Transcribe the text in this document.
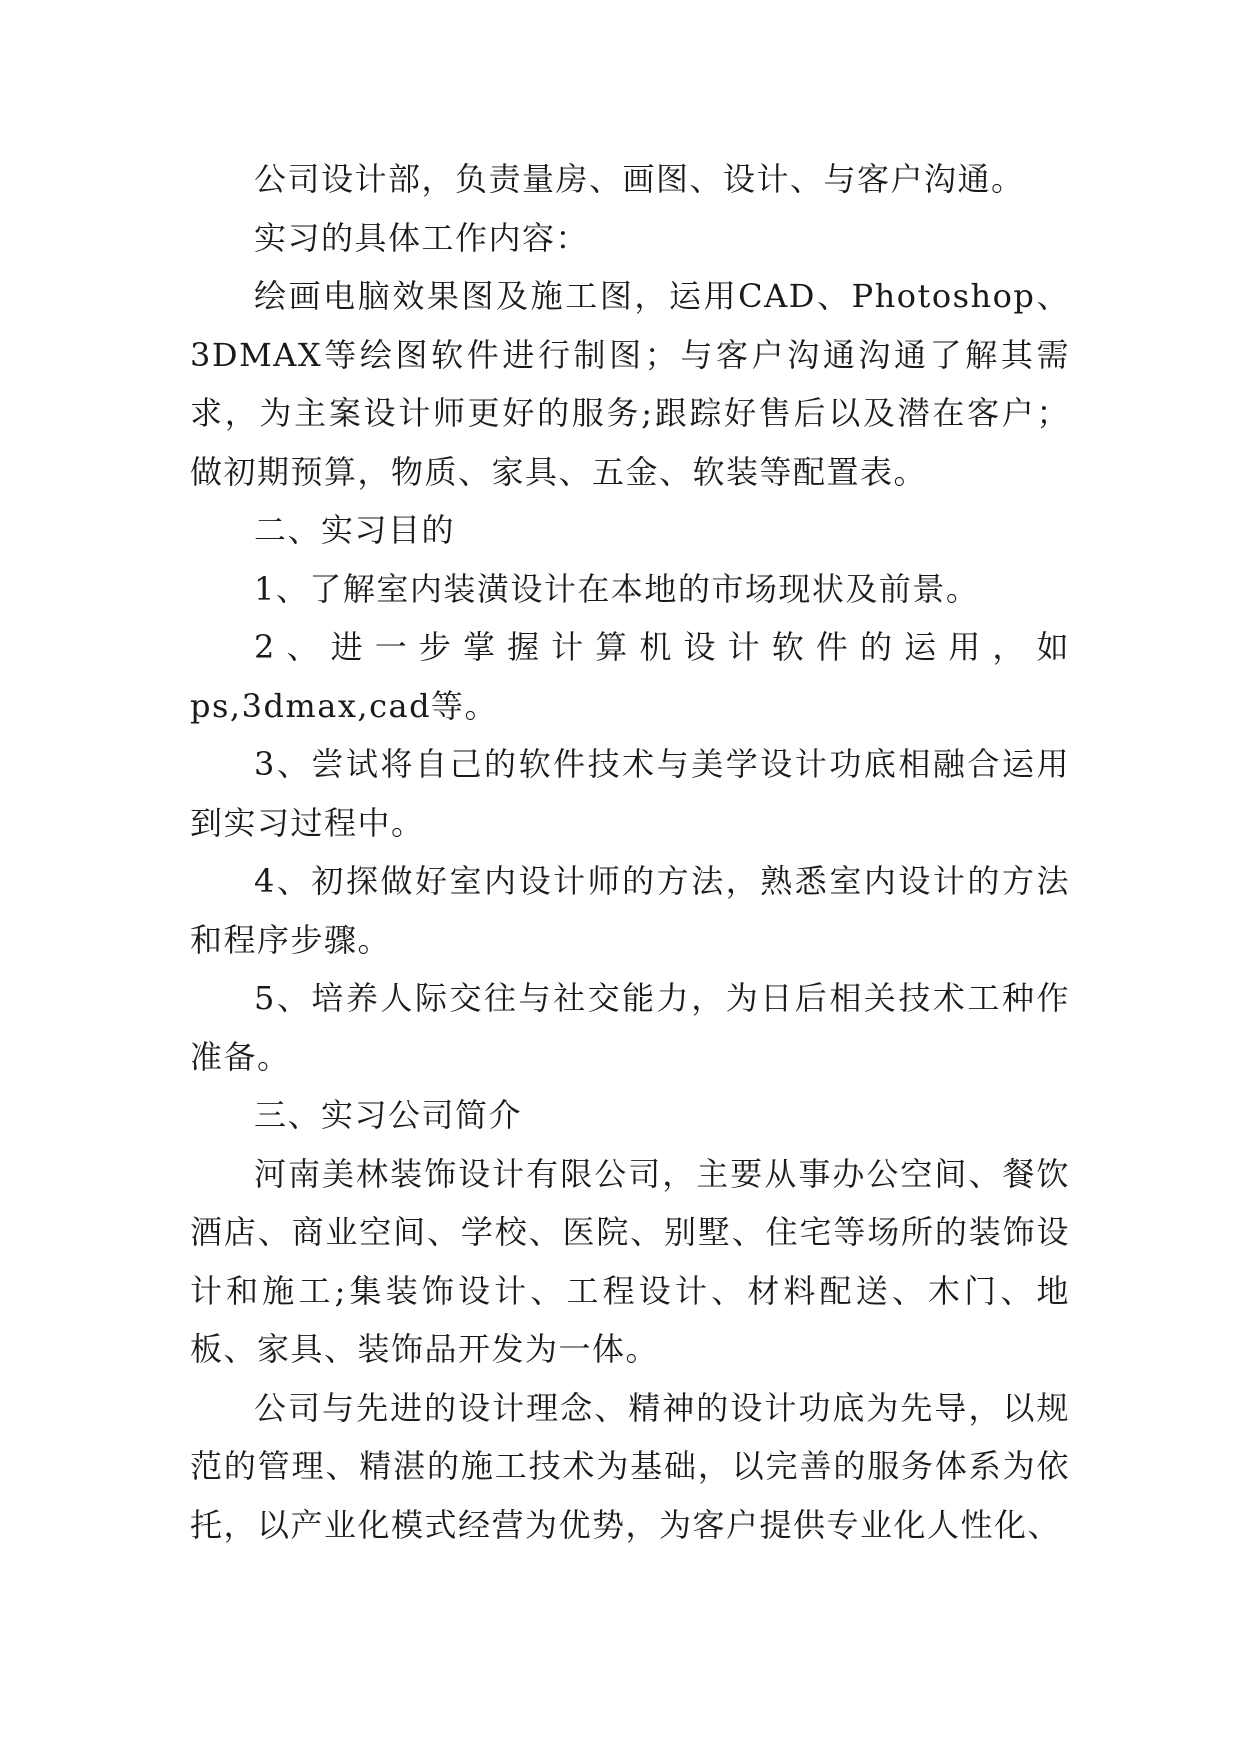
公司设计部，负责量房、画图、设计、与客户沟通。

实习的具体工作内容：

绘画电脑效果图及施工图，运用CAD、Photoshop、3DMAX等绘图软件进行制图；与客户沟通沟通了解其需求，为主案设计师更好的服务;跟踪好售后以及潜在客户；做初期预算，物质、家具、五金、软装等配置表。

二、实习目的

1、了解室内装潢设计在本地的市场现状及前景。

2、进一步掌握计算机设计软件的运用，如ps,3dmax,cad等。

3、尝试将自己的软件技术与美学设计功底相融合运用到实习过程中。

4、初探做好室内设计师的方法，熟悉室内设计的方法和程序步骤。

5、培养人际交往与社交能力，为日后相关技术工种作准备。

三、实习公司简介

河南美林装饰设计有限公司，主要从事办公空间、餐饮酒店、商业空间、学校、医院、别墅、住宅等场所的装饰设计和施工;集装饰设计、工程设计、材料配送、木门、地板、家具、装饰品开发为一体。

公司与先进的设计理念、精神的设计功底为先导，以规范的管理、精湛的施工技术为基础，以完善的服务体系为依托，以产业化模式经营为优势，为客户提供专业化人性化、
